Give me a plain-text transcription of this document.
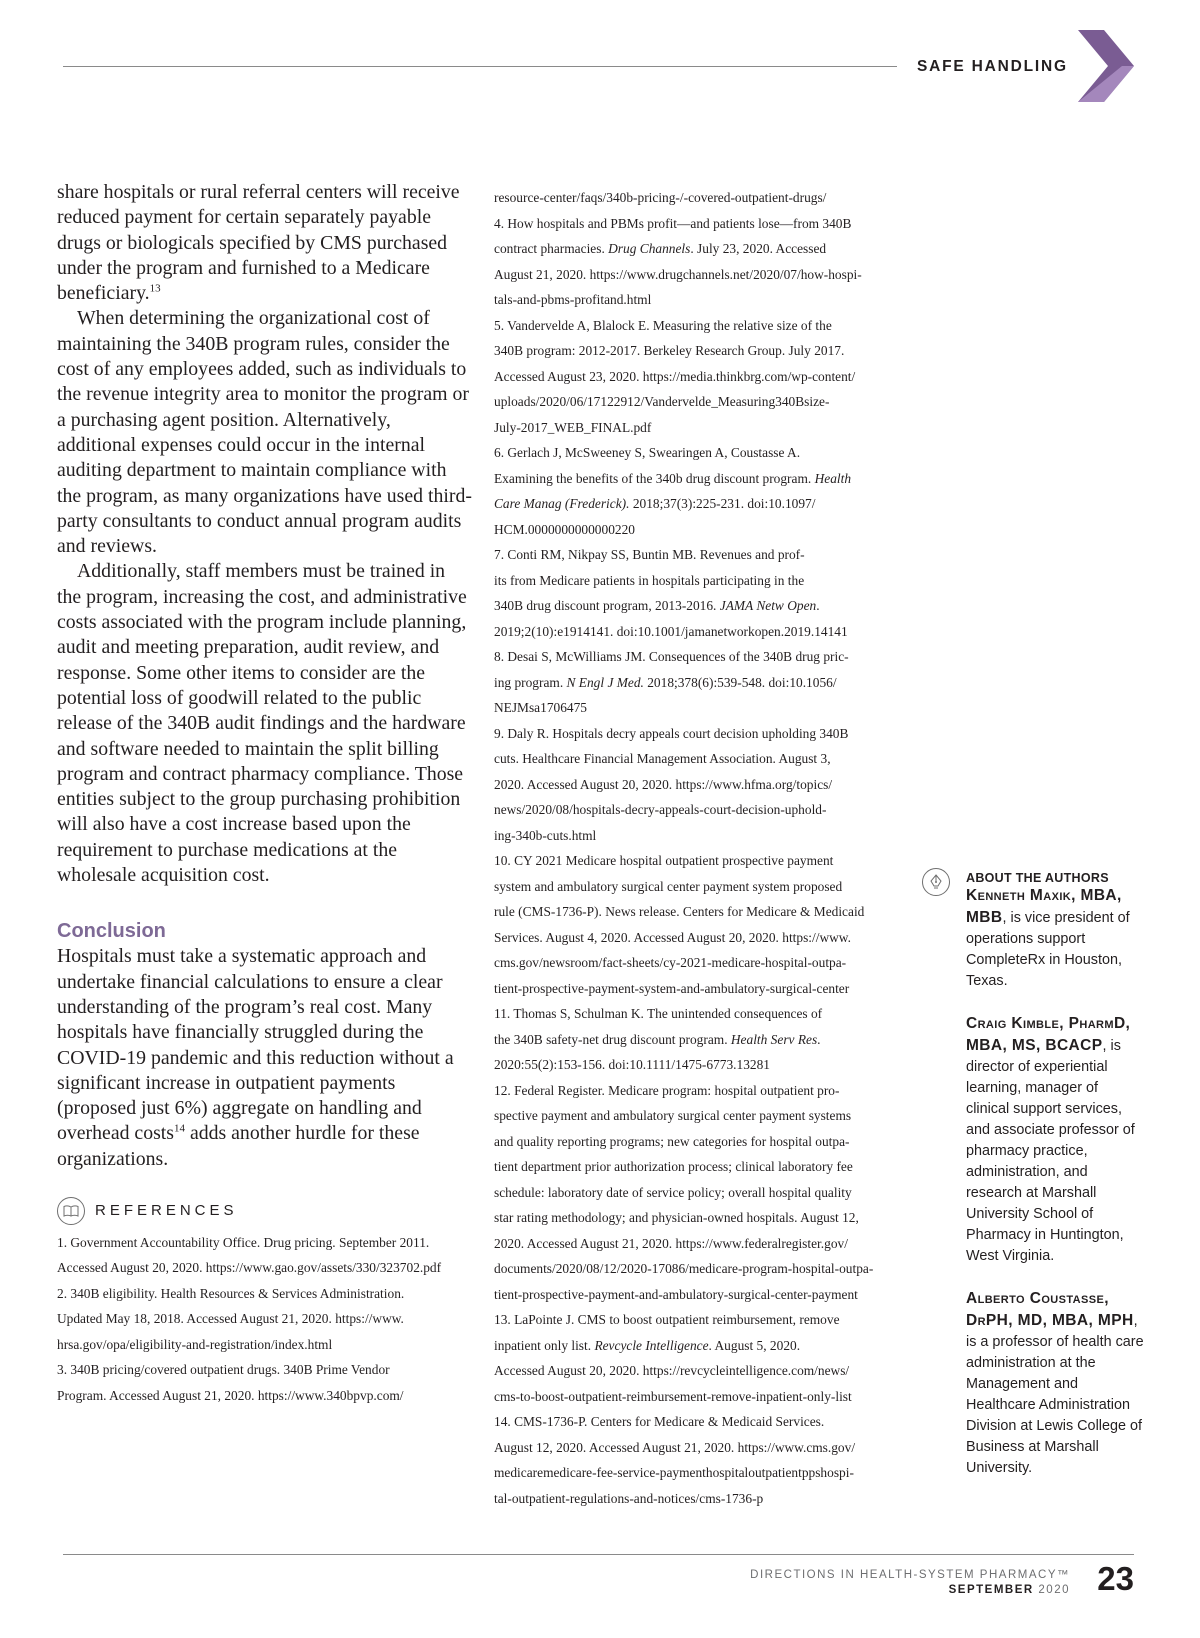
SAFE HANDLING

share hospitals or rural referral centers will receive reduced payment for certain separately payable drugs or biologicals specified by CMS purchased under the program and furnished to a Medicare beneficiary.$^{13}$

When determining the organizational cost of maintaining the 340B program rules, consider the cost of any employees added, such as individuals to the revenue integrity area to monitor the program or a purchasing agent position. Alternatively, additional expenses could occur in the internal auditing department to maintain compliance with the program, as many organizations have used third-party consultants to conduct annual program audits and reviews.

Additionally, staff members must be trained in the program, increasing the cost, and administrative costs associated with the program include planning, audit and meeting preparation, audit review, and response. Some other items to consider are the potential loss of goodwill related to the public release of the 340B audit findings and the hardware and software needed to maintain the split billing program and contract pharmacy compliance. Those entities subject to the group purchasing prohibition will also have a cost increase based upon the requirement to purchase medications at the wholesale acquisition cost.

Conclusion

Hospitals must take a systematic approach and undertake financial calculations to ensure a clear understanding of the program’s real cost. Many hospitals have financially struggled during the COVID-19 pandemic and this reduction without a significant increase in outpatient payments (proposed just 6%) aggregate on handling and overhead costs$^{14}$ adds another hurdle for these organizations.

REFERENCES
1. Government Accountability Office. Drug pricing. September 2011.
Accessed August 20, 2020. https://www.gao.gov/assets/330/323702.pdf
2. 340B eligibility. Health Resources & Services Administration.
Updated May 18, 2018. Accessed August 21, 2020. https://www.
hrsa.gov/opa/eligibility-and-registration/index.html
3. 340B pricing/covered outpatient drugs. 340B Prime Vendor
Program. Accessed August 21, 2020. https://www.340bpvp.com/
resource-center/faqs/340b-pricing-/-covered-outpatient-drugs/
4. How hospitals and PBMs profit—and patients lose—from 340B
contract pharmacies. Drug Channels. July 23, 2020. Accessed
August 21, 2020. https://www.drugchannels.net/2020/07/how-hospi-
tals-and-pbms-profitand.html
5. Vandervelde A, Blalock E. Measuring the relative size of the
340B program: 2012-2017. Berkeley Research Group. July 2017.
Accessed August 23, 2020. https://media.thinkbrg.com/wp-content/
uploads/2020/06/17122912/Vandervelde_Measuring340Bsize-
July-2017_WEB_FINAL.pdf
6. Gerlach J, McSweeney S, Swearingen A, Coustasse A.
Examining the benefits of the 340b drug discount program. Health
Care Manag (Frederick). 2018;37(3):225-231. doi:10.1097/
HCM.0000000000000220
7. Conti RM, Nikpay SS, Buntin MB. Revenues and prof-
its from Medicare patients in hospitals participating in the
340B drug discount program, 2013-2016. JAMA Netw Open.
2019;2(10):e1914141. doi:10.1001/jamanetworkopen.2019.14141
8. Desai S, McWilliams JM. Consequences of the 340B drug pric-
ing program. N Engl J Med. 2018;378(6):539-548. doi:10.1056/
NEJMsa1706475
9. Daly R. Hospitals decry appeals court decision upholding 340B
cuts. Healthcare Financial Management Association. August 3,
2020. Accessed August 20, 2020. https://www.hfma.org/topics/
news/2020/08/hospitals-decry-appeals-court-decision-uphold-
ing-340b-cuts.html
10. CY 2021 Medicare hospital outpatient prospective payment
system and ambulatory surgical center payment system proposed
rule (CMS-1736-P). News release. Centers for Medicare & Medicaid
Services. August 4, 2020. Accessed August 20, 2020. https://www.
cms.gov/newsroom/fact-sheets/cy-2021-medicare-hospital-outpa-
tient-prospective-payment-system-and-ambulatory-surgical-center
11. Thomas S, Schulman K. The unintended consequences of
the 340B safety-net drug discount program. Health Serv Res.
2020:55(2):153-156. doi:10.1111/1475-6773.13281
12. Federal Register. Medicare program: hospital outpatient pro-
spective payment and ambulatory surgical center payment systems
and quality reporting programs; new categories for hospital outpa-
tient department prior authorization process; clinical laboratory fee
schedule: laboratory date of service policy; overall hospital quality
star rating methodology; and physician-owned hospitals. August 12,
2020. Accessed August 21, 2020. https://www.federalregister.gov/
documents/2020/08/12/2020-17086/medicare-program-hospital-outpa-
tient-prospective-payment-and-ambulatory-surgical-center-payment
13. LaPointe J. CMS to boost outpatient reimbursement, remove
inpatient only list. Revcycle Intelligence. August 5, 2020.
Accessed August 20, 2020. https://revcycleintelligence.com/news/
cms-to-boost-outpatient-reimbursement-remove-inpatient-only-list
14. CMS-1736-P. Centers for Medicare & Medicaid Services.
August 12, 2020. Accessed August 21, 2020. https://www.cms.gov/
medicaremedicare-fee-service-paymenthospitaloutpatientppshospi-
tal-outpatient-regulations-and-notices/cms-1736-p
ABOUT THE AUTHORS
Kenneth Maxik, MBA, MBB, is vice president of operations support CompleteRx in Houston, Texas.
Craig Kimble, PharmD, MBA, MS, BCACP, is director of experiential learning, manager of clinical support services, and associate professor of pharmacy practice, administration, and research at Marshall University School of Pharmacy in Huntington, West Virginia.
Alberto Coustasse, DrPH, MD, MBA, MPH, is a professor of health care administration at the Management and Healthcare Administration Division at Lewis College of Business at Marshall University.
DIRECTIONS IN HEALTH-SYSTEM PHARMACY™
SEPTEMBER 2020 23
